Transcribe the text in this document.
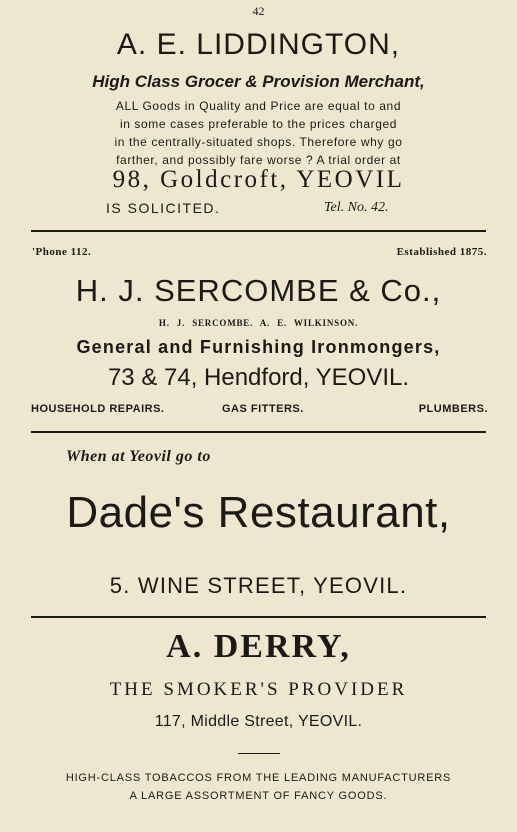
42
A. E. LIDDINGTON,
High Class Grocer & Provision Merchant,
ALL Goods in Quality and Price are equal to and
in some cases preferable to the prices charged
in the centrally-situated shops. Therefore why go
farther, and possibly fare worse ? A trial order at
98, Goldcroft, YEOVIL
IS SOLICITED.	Tel. No. 42.
'Phone 112.	Established 1875.
H. J. SERCOMBE & Co.,
H. J. SERCOMBE. A. E. WILKINSON.
General and Furnishing Ironmongers,
73 & 74, Hendford, YEOVIL.
HOUSEHOLD REPAIRS.	GAS FITTERS.	PLUMBERS.
When at Yeovil go to
Dade's Restaurant,
5. WINE STREET, YEOVIL.
A. DERRY,
THE SMOKER'S PROVIDER
117, Middle Street, YEOVIL.
HIGH-CLASS TOBACCOS FROM THE LEADING MANUFACTURERS
A LARGE ASSORTMENT OF FANCY GOODS.
